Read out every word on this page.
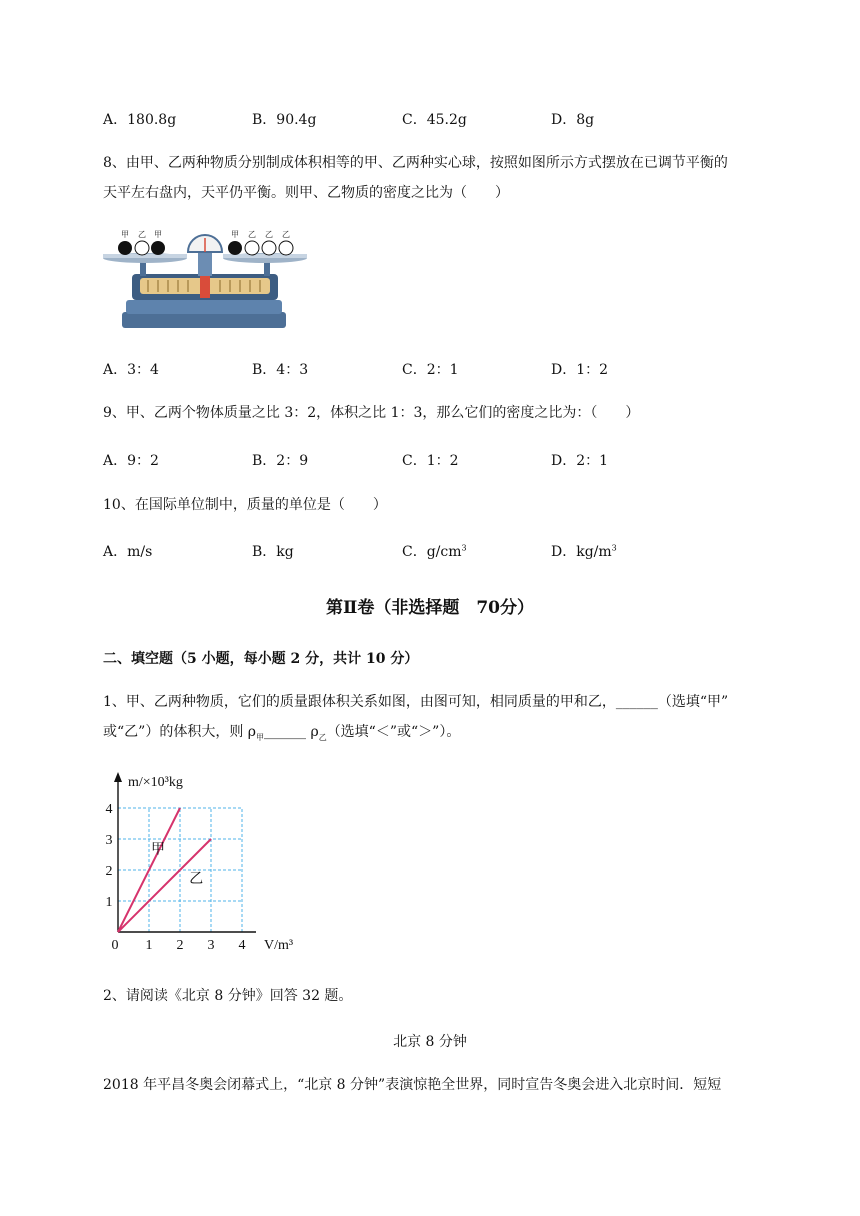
A．180.8g	B．90.4g	C．45.2g	D．8g
8、由甲、乙两种物质分别制成体积相等的甲、乙两种实心球，按照如图所示方式摆放在已调节平衡的
天平左右盘内，天平仍平衡。则甲、乙物质的密度之比为（　　）
甲 乙 甲	甲 乙 乙 乙
A．3：4	B．4：3	C．2：1	D．1：2
9、甲、乙两个物体质量之比 3：2，体积之比 1：3，那么它们的密度之比为：（　　）
A．9：2	B．2：9	C．1：2	D．2：1
10、在国际单位制中，质量的单位是（　　）
A．m/s	B．kg	C．$g/cm^3$	D．$kg/m^3$
第Ⅱ卷（非选择题　70分）
二、填空题（5 小题，每小题 2 分，共计 10 分）
1、甲、乙两种物质，它们的质量跟体积关系如图，由图可知，相同质量的甲和乙，______（选填“甲”
或“乙”）的体积大，则 $\rho_甲\_\_\_\_\_\_$ $\rho_乙$（选填“＜”或“＞”）。
0 1 2 3 4
1
2
3
4
m/×10³kg
V/m³
甲
乙
2、请阅读《北京 8 分钟》回答 32 题。
北京 8 分钟
2018 年平昌冬奥会闭幕式上，“北京 8 分钟”表演惊艳全世界，同时宣告冬奥会进入北京时间．短短
